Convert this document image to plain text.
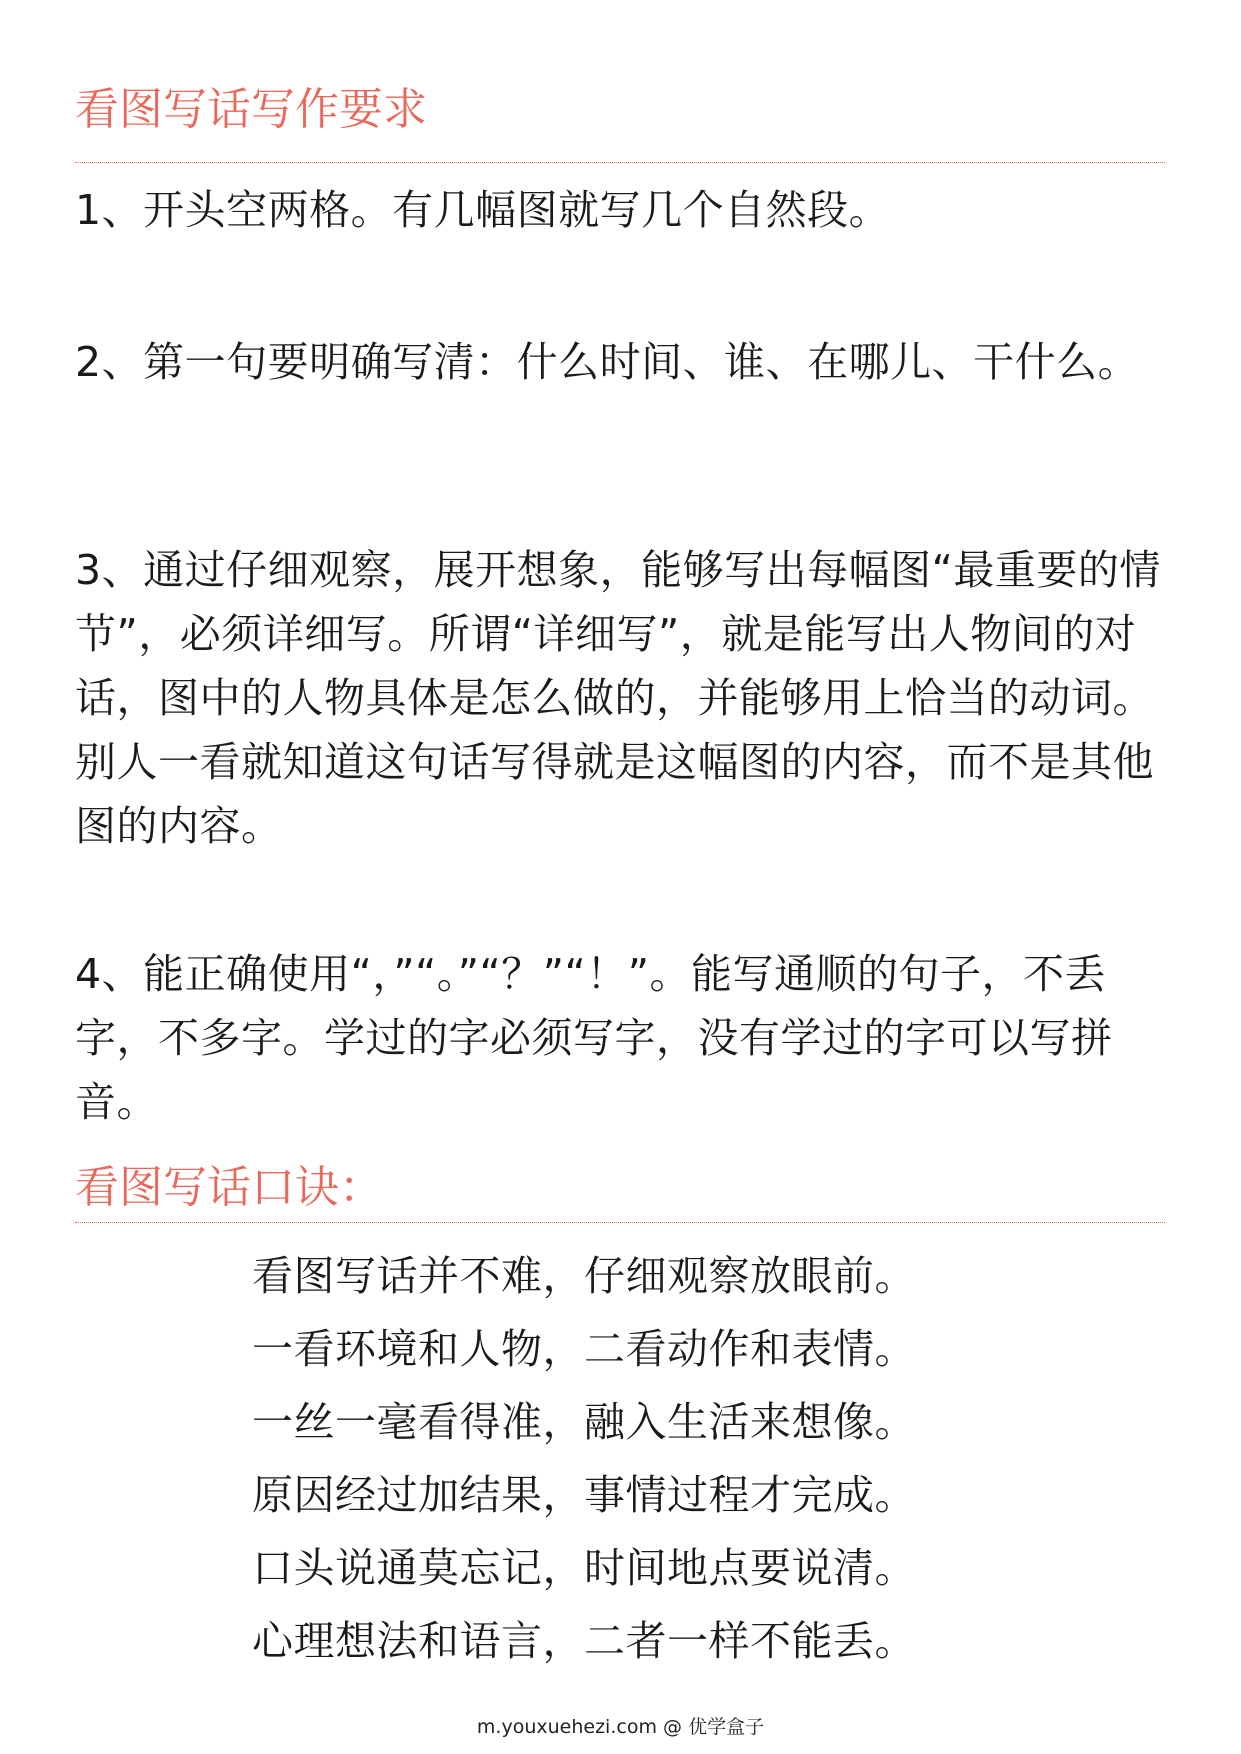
看图写话写作要求

1、开头空两格。有几幅图就写几个自然段。

2、第一句要明确写清：什么时间、谁、在哪儿、干什么。

3、通过仔细观察，展开想象，能够写出每幅图“最重要的情节”，必须详细写。所谓“详细写”，就是能写出人物间的对话，图中的人物具体是怎么做的，并能够用上恰当的动词。别人一看就知道这句话写得就是这幅图的内容，而不是其他图的内容。

4、能正确使用“，”“。”“？”“！”。能写通顺的句子，不丢字，不多字。学过的字必须写字，没有学过的字可以写拼音。

看图写话口诀：
看图写话并不难，仔细观察放眼前。
一看环境和人物，二看动作和表情。
一丝一毫看得准，融入生活来想像。
原因经过加结果，事情过程才完成。
口头说通莫忘记，时间地点要说清。
心理想法和语言，二者一样不能丢。
m.youxuehezi.com @ 优学盒子
